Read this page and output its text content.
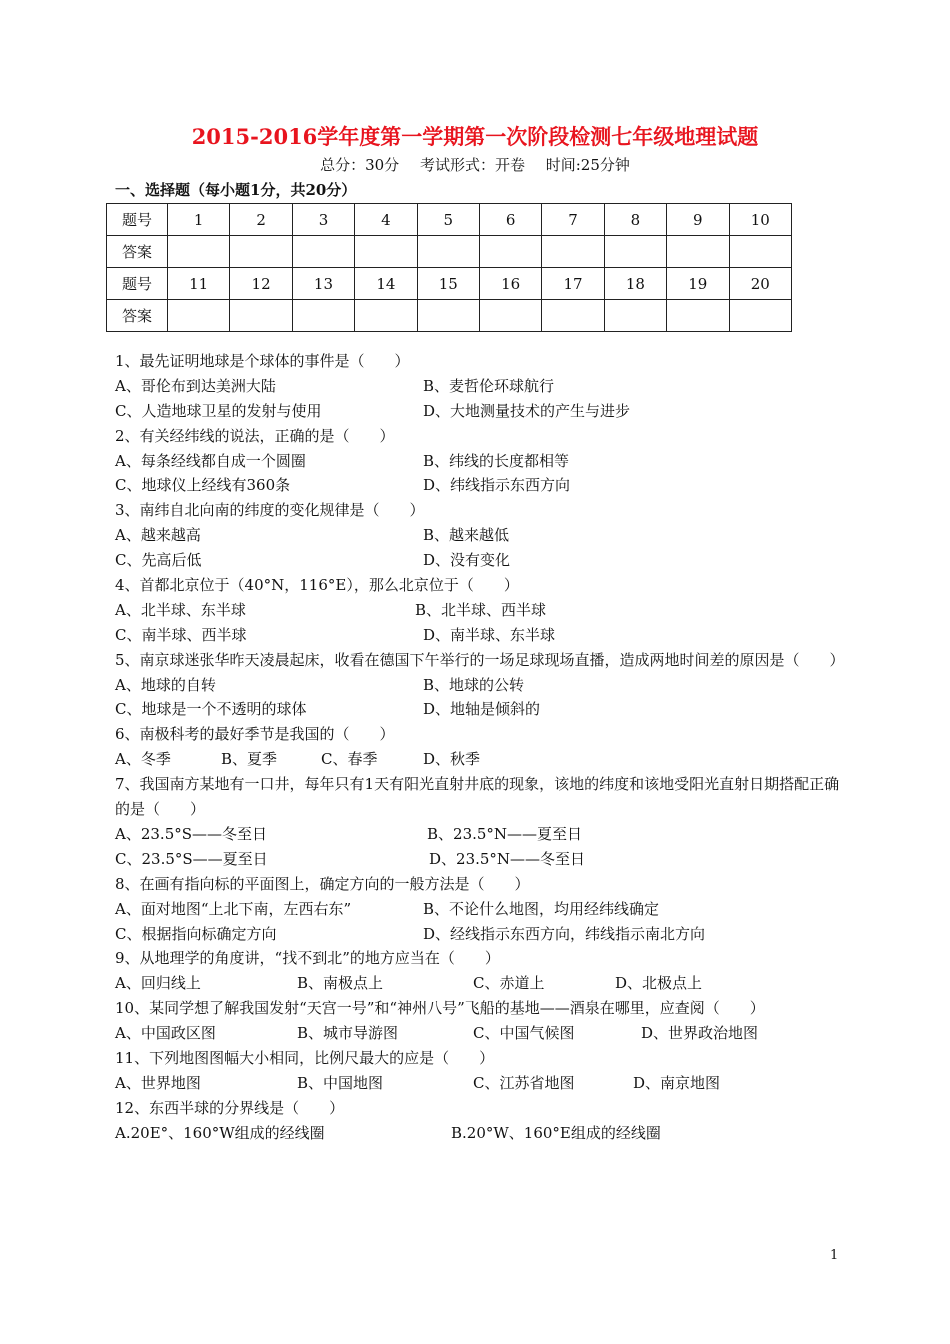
2015-2016学年度第一学期第一次阶段检测七年级地理试题
总分：30分 考试形式：开卷 时间:25分钟
一、选择题（每小题1分，共20分）
题号	1	2	3	4	5	6	7	8	9	10
答案										
题号	11	12	13	14	15	16	17	18	19	20
答案										
1、最先证明地球是个球体的事件是（　　）
A、哥伦布到达美洲大陆	B、麦哲伦环球航行
C、人造地球卫星的发射与使用	D、大地测量技术的产生与进步
2、有关经纬线的说法，正确的是（　　）
A、每条经线都自成一个圆圈	B、纬线的长度都相等
C、地球仪上经线有360条	D、纬线指示东西方向
3、南纬自北向南的纬度的变化规律是（　　）
A、越来越高	B、越来越低
C、先高后低	D、没有变化
4、首都北京位于（40°N，116°E），那么北京位于（　　）
A、北半球、东半球	B、北半球、西半球
C、南半球、西半球	D、南半球、东半球
5、南京球迷张华昨天凌晨起床，收看在德国下午举行的一场足球现场直播，造成两地时间差的原因是（　　）
A、地球的自转	B、地球的公转
C、地球是一个不透明的球体	D、地轴是倾斜的
6、南极科考的最好季节是我国的（　　）
A、冬季	B、夏季	C、春季	D、秋季
7、我国南方某地有一口井，每年只有1天有阳光直射井底的现象，该地的纬度和该地受阳光直射日期搭配正确的是（　　）
A、23.5°S——冬至日	B、23.5°N——夏至日
C、23.5°S——夏至日	D、23.5°N——冬至日
8、在画有指向标的平面图上，确定方向的一般方法是（　　）
A、面对地图“上北下南，左西右东”	B、不论什么地图，均用经纬线确定
C、根据指向标确定方向	D、经线指示东西方向，纬线指示南北方向
9、从地理学的角度讲，“找不到北”的地方应当在（　　）
A、回归线上	B、南极点上	C、赤道上	D、北极点上
10、某同学想了解我国发射“天宫一号”和“神州八号”飞船的基地——酒泉在哪里，应查阅（　　）
A、中国政区图	B、城市导游图	C、中国气候图	D、世界政治地图
11、下列地图图幅大小相同，比例尺最大的应是（　　）
A、世界地图	B、中国地图	C、江苏省地图	D、南京地图
12、东西半球的分界线是（　　）
A.20E°、160°W组成的经线圈	B.20°W、160°E组成的经线圈
1
